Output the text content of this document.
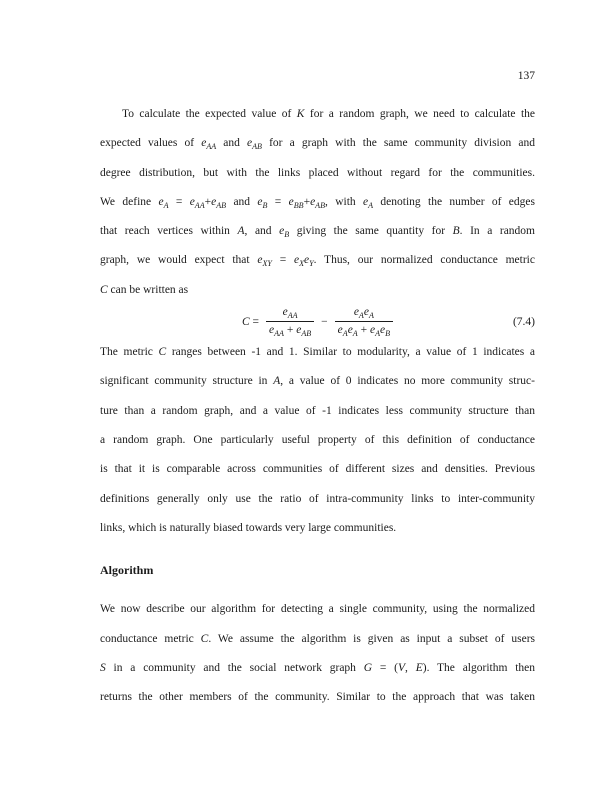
137
To calculate the expected value of K for a random graph, we need to calculate the
expected values of $e_{AA}$ and $e_{AB}$ for a graph with the same community division and
degree distribution, but with the links placed without regard for the communities.
We define $e_A = e_{AA}+e_{AB}$ and $e_B = e_{BB}+e_{AB}$, with $e_A$ denoting the number of edges
that reach vertices within A, and $e_B$ giving the same quantity for B. In a random
graph, we would expect that $e_{XY} = e_Xe_Y$. Thus, our normalized conductance metric
C can be written as
$C = \frac{e_{AA}}{e_{AA} + e_{AB}} - \frac{e_Ae_A}{e_Ae_A + e_Ae_B}$	(7.4)
The metric C ranges between -1 and 1. Similar to modularity, a value of 1 indicates a
significant community structure in A, a value of 0 indicates no more community struc-
ture than a random graph, and a value of -1 indicates less community structure than
a random graph. One particularly useful property of this definition of conductance
is that it is comparable across communities of different sizes and densities. Previous
definitions generally only use the ratio of intra-community links to inter-community
links, which is naturally biased towards very large communities.
Algorithm
We now describe our algorithm for detecting a single community, using the normalized
conductance metric C. We assume the algorithm is given as input a subset of users
S in a community and the social network graph G = (V, E). The algorithm then
returns the other members of the community. Similar to the approach that was taken
